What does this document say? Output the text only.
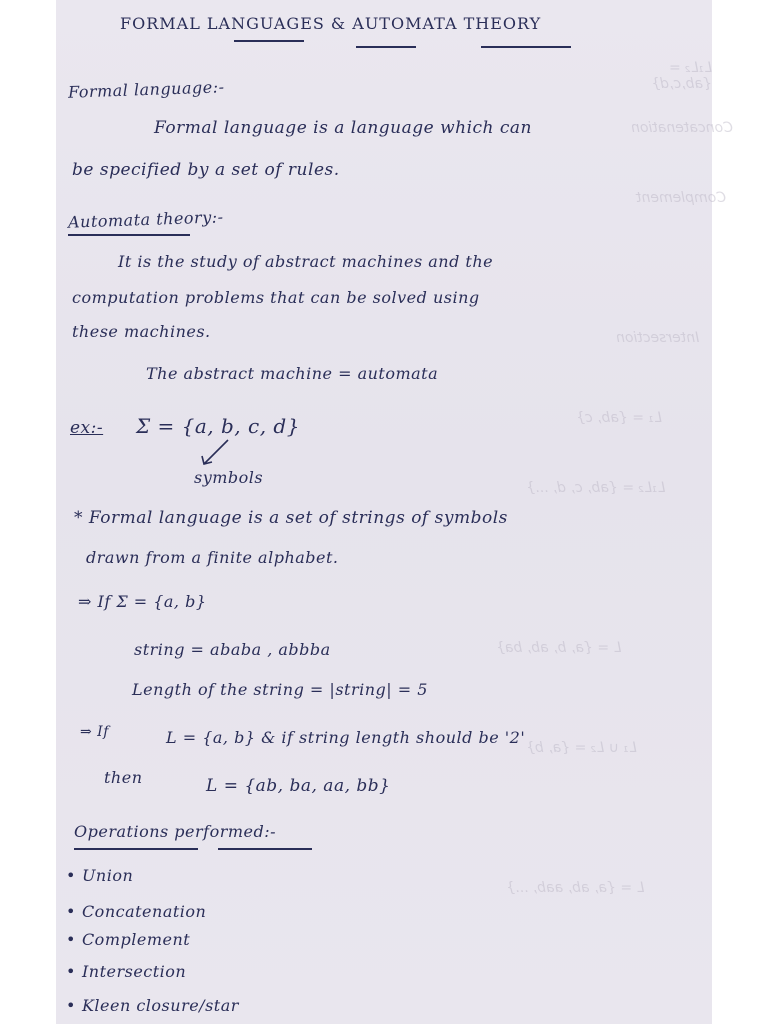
L₁L₂ = {ab,c,d}
Concatenation
Complement
Intersection
L₁ = {ab, c}
L₁L₂ = {ab, c, d, ...}
L = {a, b, ab, ba}
L₁ ∪ L₂ = {a, b}
L = {a, ab, aab, ...}
FORMAL LANGUAGES & AUTOMATA THEORY
Formal language:-
Formal language is a language which can
be specified by a set of rules.
Automata theory:-
It is the study of abstract machines and the
computation problems that can be solved using
these machines.
The abstract machine = automata
ex:- Σ = {a, b, c, d}
symbols
* Formal language is a set of strings of symbols
drawn from a finite alphabet.
⇒ If Σ = {a, b}
string = ababa , abbba
Length of the string = |string| = 5
⇒ If	L = {a, b} & if string length should be '2'
then	L = {ab, ba, aa, bb}
Operations performed:-
• Union
• Concatenation
• Complement
• Intersection
• Kleen closure/star
